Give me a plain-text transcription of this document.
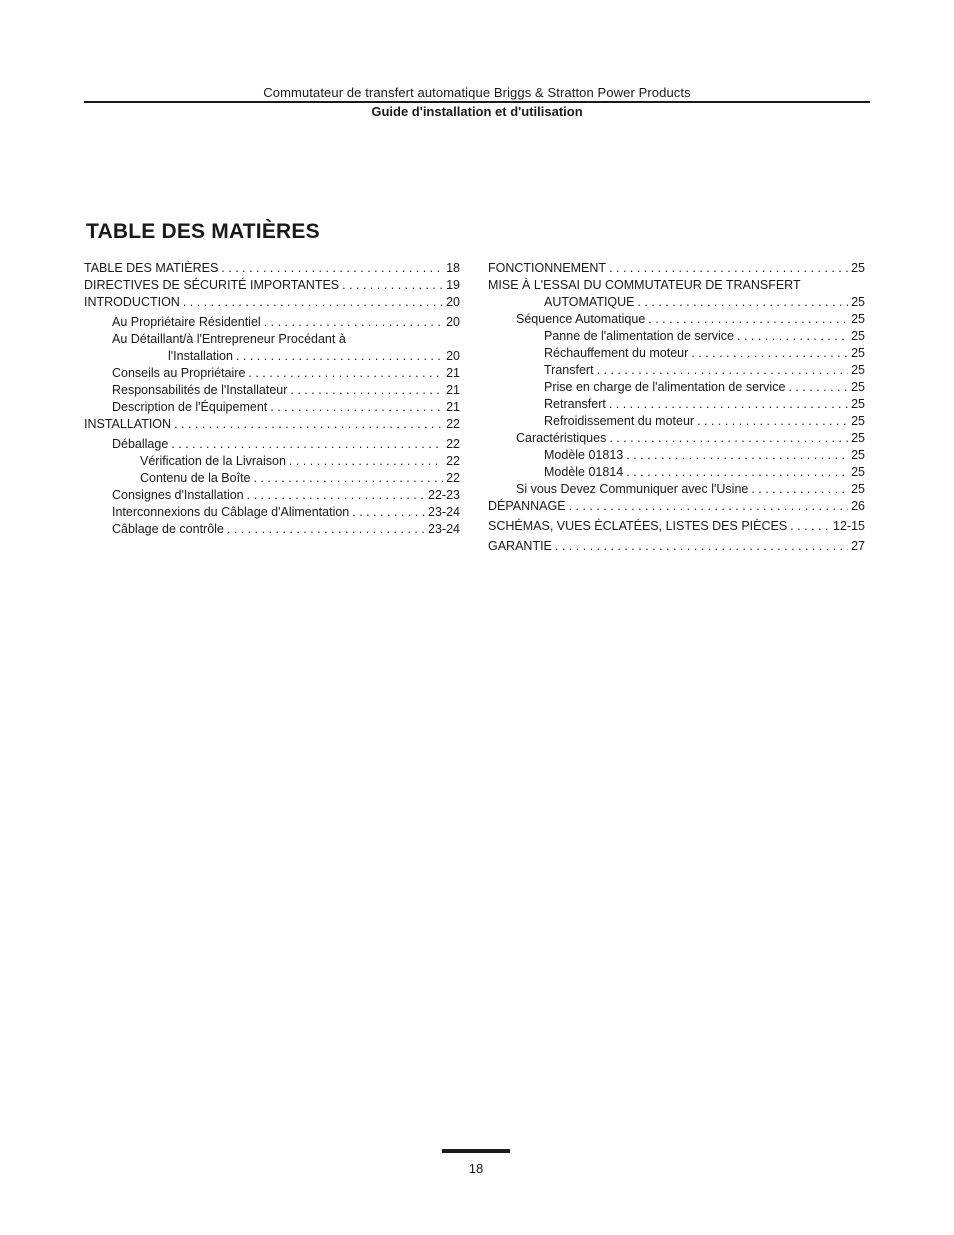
Commutateur de transfert automatique Briggs & Stratton Power Products
Guide d'installation et d'utilisation
TABLE DES MATIÈRES
TABLE DES MATIÈRES . . .	18
DIRECTIVES DE SÉCURITÉ IMPORTANTES . . .	19
INTRODUCTION . . .	20
Au Propriétaire Résidentiel . . .	20
Au Détaillant/à l'Entrepreneur Procédant à
l'Installation . . .	20
Conseils au Propriétaire . . .	21
Responsabilités de l'Installateur . . .	21
Description de l'Équipement . . .	21
INSTALLATION . . .	22
Déballage . . .	22
Vérification de la Livraison . . .	22
Contenu de la Boîte . . .	22
Consignes d'Installation . . .	22-23
Interconnexions du Câblage d'Alimentation . . .	23-24
Câblage de contrôle . . .	23-24
FONCTIONNEMENT . . .	25
MISE À L'ESSAI DU COMMUTATEUR DE TRANSFERT
AUTOMATIQUE . . .	25
Séquence Automatique . . .	25
Panne de l'alimentation de service . . .	25
Réchauffement du moteur . . .	25
Transfert . . .	25
Prise en charge de l'alimentation de service . . .	25
Retransfert . . .	25
Refroidissement du moteur . . .	25
Caractéristiques . . .	25
Modèle 01813 . . .	25
Modèle 01814 . . .	25
Si vous Devez Communiquer avec l'Usine . . .	25
DÉPANNAGE . . .	26
SCHÉMAS, VUES ÉCLATÉES, LISTES DES PIÈCES . . .	12-15
GARANTIE . . .	27
18
